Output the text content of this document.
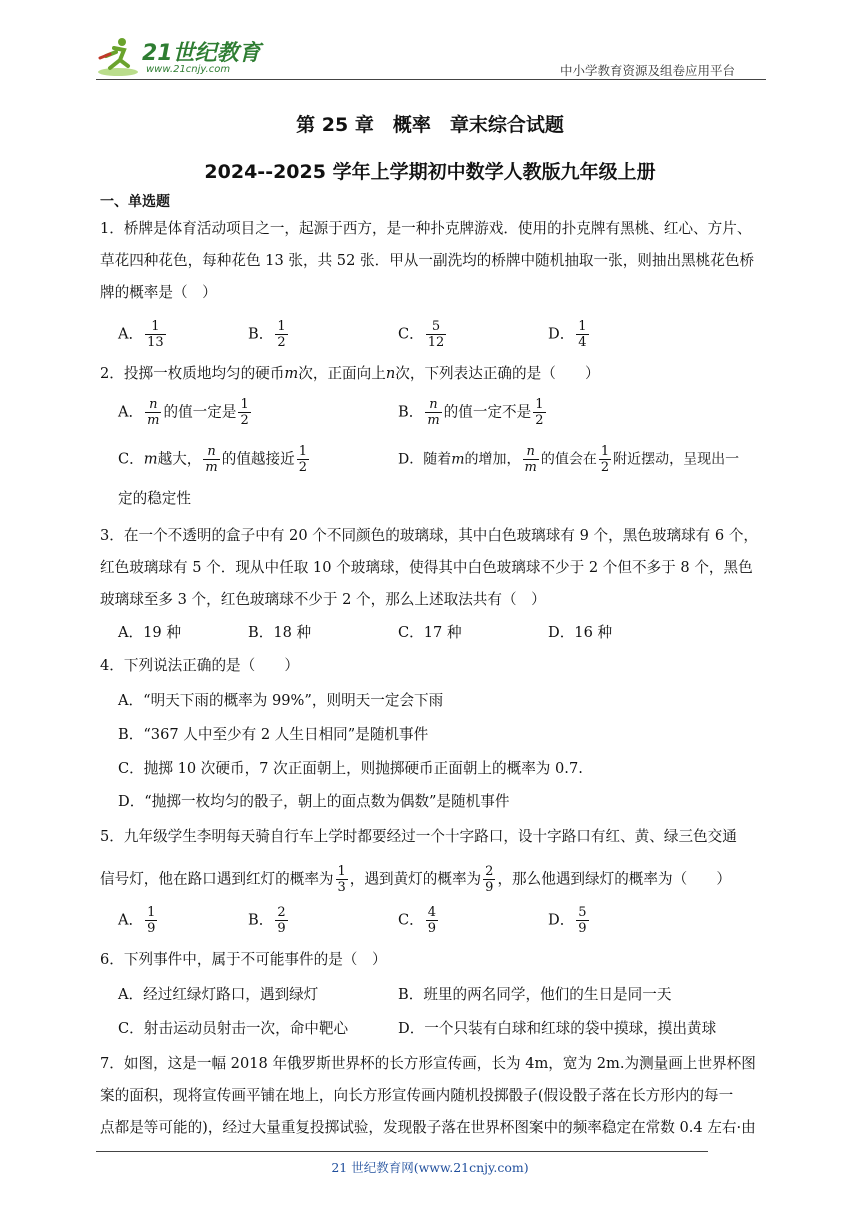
21世纪教育
www.21cnjy.com	中小学教育资源及组卷应用平台
第 25 章　概率　章末综合试题
2024--2025 学年上学期初中数学人教版九年级上册
一、单选题
1．桥牌是体育活动项目之一，起源于西方，是一种扑克牌游戏．使用的扑克牌有黑桃、红心、方片、
草花四种花色，每种花色 13 张，共 52 张．甲从一副洗均的桥牌中随机抽取一张，则抽出黑桃花色桥
牌的概率是（　）
A． $\frac{1}{13}$	B． $\frac{1}{2}$	C． $\frac{5}{12}$	D． $\frac{1}{4}$
2．投掷一枚质地均匀的硬币m次，正面向上n次，下列表达正确的是（　　）
A． $\frac{n}{m}$ 的值一定是 $\frac{1}{2}$	B． $\frac{n}{m}$ 的值一定不是 $\frac{1}{2}$
C．m越大， $\frac{n}{m}$ 的值越接近 $\frac{1}{2}$	D．随着m的增加， $\frac{n}{m}$ 的值会在 $\frac{1}{2}$ 附近摆动，呈现出一
定的稳定性
3．在一个不透明的盒子中有 20 个不同颜色的玻璃球，其中白色玻璃球有 9 个，黑色玻璃球有 6 个，
红色玻璃球有 5 个．现从中任取 10 个玻璃球，使得其中白色玻璃球不少于 2 个但不多于 8 个，黑色
玻璃球至多 3 个，红色玻璃球不少于 2 个，那么上述取法共有（　）
A．19 种	B．18 种	C．17 种	D．16 种
4．下列说法正确的是（　　）
A．“明天下雨的概率为 99%”，则明天一定会下雨
B．“367 人中至少有 2 人生日相同”是随机事件
C．抛掷 10 次硬币，7 次正面朝上，则抛掷硬币正面朝上的概率为 0.7.
D．“抛掷一枚均匀的骰子，朝上的面点数为偶数”是随机事件
5．九年级学生李明每天骑自行车上学时都要经过一个十字路口，设十字路口有红、黄、绿三色交通
信号灯，他在路口遇到红灯的概率为 $\frac{1}{3}$ ，遇到黄灯的概率为 $\frac{2}{9}$ ，那么他遇到绿灯的概率为（　　）
A． $\frac{1}{9}$	B． $\frac{2}{9}$	C． $\frac{4}{9}$	D． $\frac{5}{9}$
6．下列事件中，属于不可能事件的是（　）
A．经过红绿灯路口，遇到绿灯	B．班里的两名同学，他们的生日是同一天
C．射击运动员射击一次，命中靶心	D．一个只装有白球和红球的袋中摸球，摸出黄球
7．如图，这是一幅 2018 年俄罗斯世界杯的长方形宣传画，长为 4m，宽为 2m.为测量画上世界杯图
案的面积，现将宣传画平铺在地上，向长方形宣传画内随机投掷骰子(假设骰子落在长方形内的每一
点都是等可能的)，经过大量重复投掷试验，发现骰子落在世界杯图案中的频率稳定在常数 0.4 左右·由
21 世纪教育网(www.21cnjy.com)
